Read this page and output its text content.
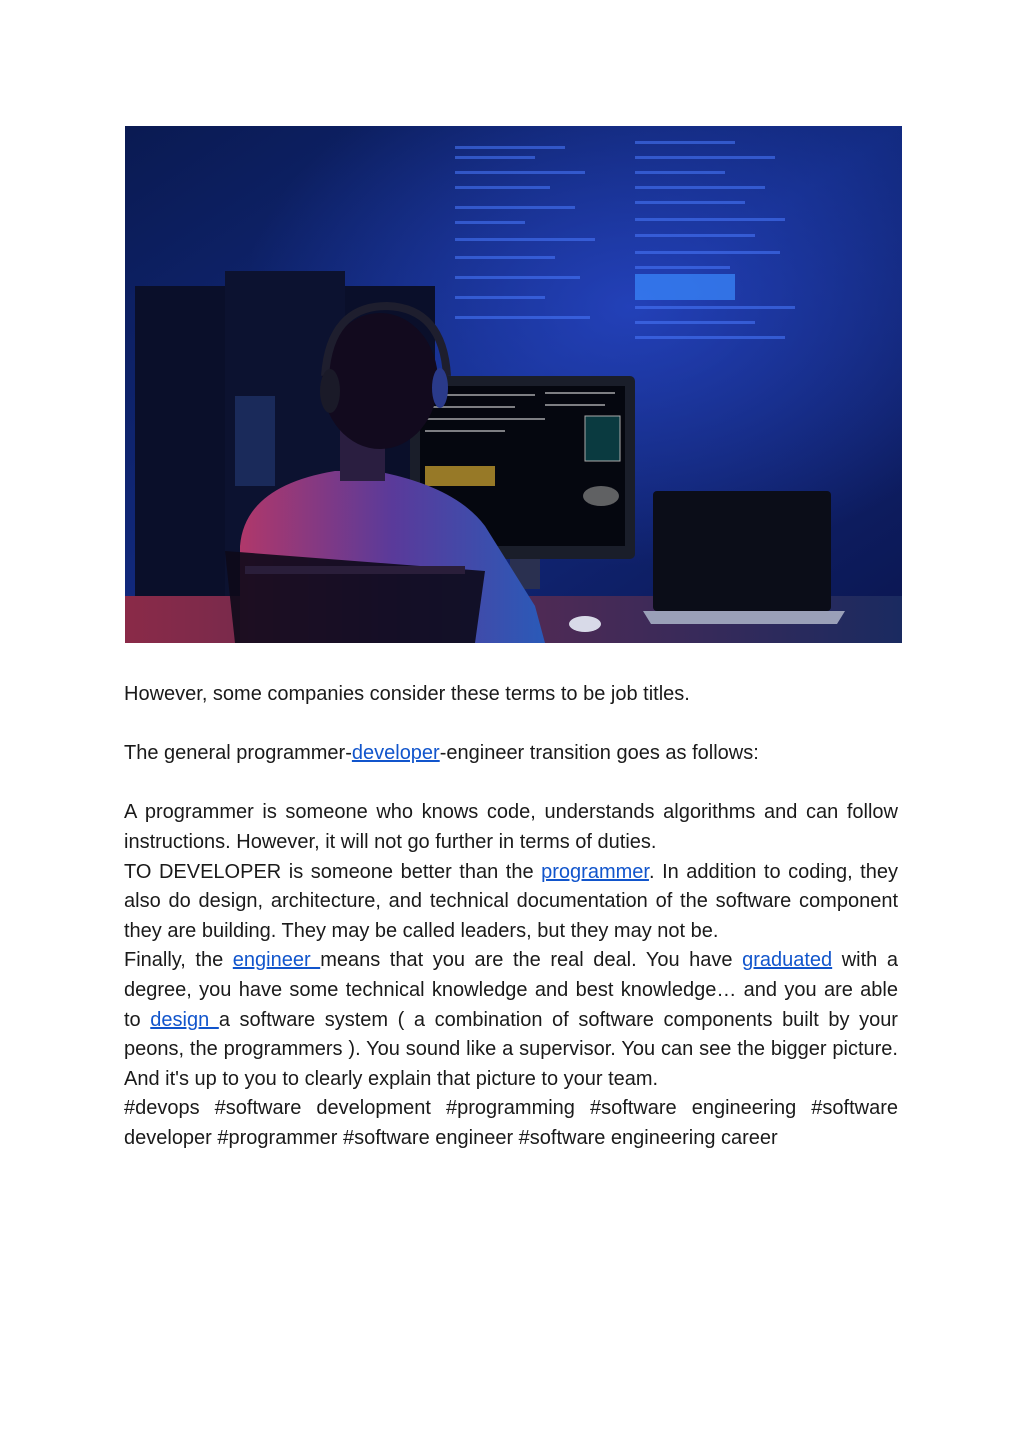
However, some companies consider these terms to be job titles.

The general programmer-developer-engineer transition goes as follows:

A programmer is someone who knows code, understands algorithms and can follow instructions. However, it will not go further in terms of duties.

TO DEVELOPER is someone better than the programmer. In addition to coding, they also do design, architecture, and technical documentation of the software component they are building. They may be called leaders, but they may not be.

Finally, the engineer means that you are the real deal. You have graduated with a degree, you have some technical knowledge and best knowledge… and you are able to design a software system ( a combination of software components built by your peons, the programmers ). You sound like a supervisor. You can see the bigger picture. And it's up to you to clearly explain that picture to your team.

#devops #software development #programming #software engineering #software developer #programmer #software engineer #software engineering career
